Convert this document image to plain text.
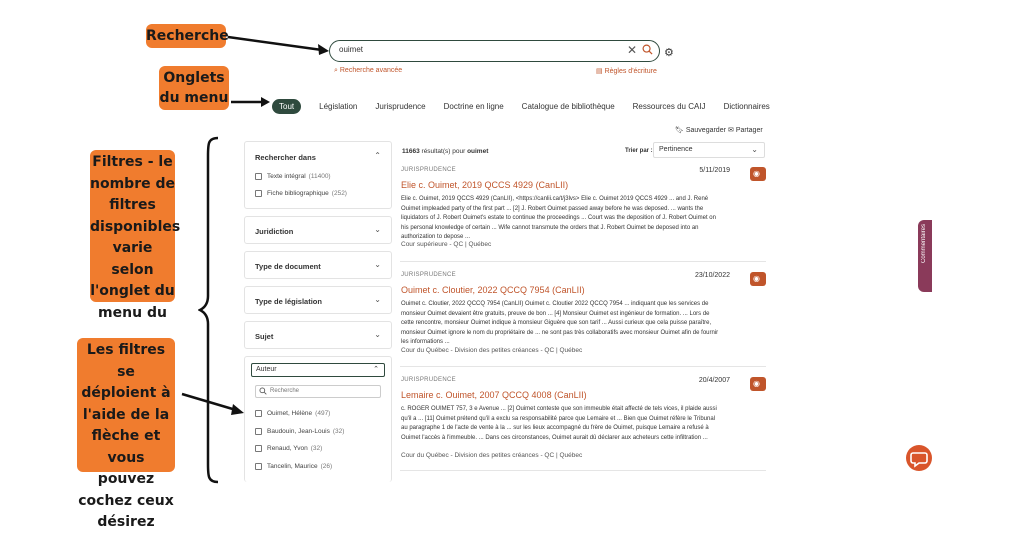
Recherche
Onglets
du menu
Filtres - le
nombre de
filtres
disponibles
varie selon
l'onglet du
menu du
Les filtres se
déploient à
l'aide de la
flèche et vous
pouvez
cochez ceux
désirez
ouimet	✕ ⚙
⌕ Recherche avancée	▤ Règles d'écriture
Tout	Législation Jurisprudence Doctrine en ligne Catalogue de bibliothèque Ressources du CAIJ Dictionnaires
🔖︎ Sauvegarder ✉ Partager
Rechercher dans	⌃
Texte intégral (11400)
Fiche bibliographique (252)
Juridiction	⌄
Type de document	⌄
Type de législation	⌄
Sujet	⌄
Auteur	⌃
Recherche
Ouimet, Hélène (497)
Baudouin, Jean-Louis (32)
Renaud, Yvon (32)
Tancelin, Maurice (26)
11663 résultat(s) pour ouimet	Trier par : Pertinence	⌄
JURISPRUDENCE	5/11/2019	◉
Elie c. Ouimet, 2019 QCCS 4929 (CanLII)
Elie c. Ouimet, 2019 QCCS 4929 (CanLII), <https://canlii.ca/t/j3lvs> Elie c. Ouimet 2019 QCCS 4929 ... and J. René Ouimet impleaded party of the first part ... [2] J. Robert Ouimet passed away before he was deposed. ... wants the liquidators of J. Robert Ouimet's estate to continue the proceedings ... Court was the deposition of J. Robert Ouimet on his personal knowledge of certain ... Wife cannot transmute the orders that J. Robert Ouimet be deposed into an authorization to depose ...
Cour supérieure - QC | Québec
JURISPRUDENCE	23/10/2022	◉
Ouimet c. Cloutier, 2022 QCCQ 7954 (CanLII)
Ouimet c. Cloutier, 2022 QCCQ 7954 (CanLII) Ouimet c. Cloutier 2022 QCCQ 7954 ... indiquant que les services de monsieur Ouimet devaient être gratuits, preuve de bon ... [4] Monsieur Ouimet est ingénieur de formation. ... Lors de cette rencontre, monsieur Ouimet indique à monsieur Giguère que son tarif ... Aussi curieux que cela puisse paraître, monsieur Ouimet ignore le nom du propriétaire de ... ne sont pas très collaboratifs avec monsieur Ouimet afin de fournir les informations ...
Cour du Québec - Division des petites créances - QC | Québec
JURISPRUDENCE	20/4/2007	◉
Lemaire c. Ouimet, 2007 QCCQ 4008 (CanLII)
c. ROGER OUIMET 757, 3 e Avenue ... [2] Ouimet conteste que son immeuble était affecté de tels vices, il plaide aussi qu'il a ... [11] Ouimet prétend qu'il a exclu sa responsabilité parce que Lemaire et ... Bien que Ouimet réfère le Tribunal au paragraphe 1 de l'acte de vente à la ... sur les lieux accompagné du frère de Ouimet, puisque Lemaire a refusé à Ouimet l'accès à l'immeuble. ... Dans ces circonstances, Ouimet aurait dû déclarer aux acheteurs cette infiltration ...
Cour du Québec - Division des petites créances - QC | Québec
Commentaires
